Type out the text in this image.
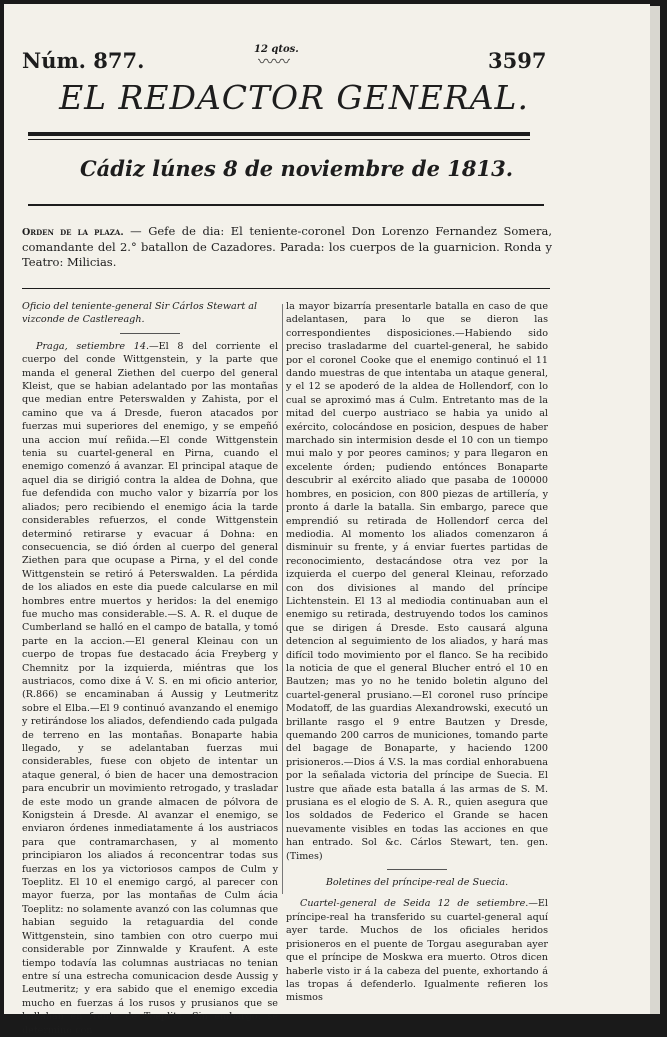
Núm. 877.	12 qtos.
〰〰	3597
EL REDACTOR GENERAL.
Cádiz lúnes 8 de noviembre de 1813.
Orden de la plaza. — Gefe de dia: El teniente-coronel Don Lorenzo Fernandez Somera, comandante del 2.° batallon de Cazadores. Parada: los cuerpos de la guarnicion. Ronda y Teatro: Milicias.

Oficio del teniente-general Sir Cárlos Stewart al vizconde de Castlereagh.

Praga, setiembre 14.—El 8 del corriente el cuerpo del conde Wittgenstein, y la parte que manda el general Ziethen del cuerpo del general Kleist, que se habian adelantado por las montañas que median entre Peterswalden y Zahista, por el camino que va á Dresde, fueron atacados por fuerzas mui superiores del enemigo, y se empeñó una accion muí reñida.—El conde Wittgenstein tenia su cuartel-general en Pirna, cuando el enemigo comenzó á avanzar. El principal ataque de aquel dia se dirigió contra la aldea de Dohna, que fue defendida con mucho valor y bizarría por los aliados; pero recibiendo el enemigo ácia la tarde considerables refuerzos, el conde Wittgenstein determinó retirarse y evacuar á Dohna: en consecuencia, se dió órden al cuerpo del general Ziethen para que ocupase a Pirna, y el del conde Wittgenstein se retiró á Peterswalden. La pérdida de los aliados en este dia puede calcularse en mil hombres entre muertos y heridos: la del enemigo fue mucho mas considerable.—S. A. R. el duque de Cumberland se halló en el campo de batalla, y tomó parte en la accion.—El general Kleinau con un cuerpo de tropas fue destacado ácia Freyberg y Chemnitz por la izquierda, miéntras que los austriacos, como dixe á V. S. en mi oficio anterior, (R.866) se encaminaban á Aussig y Leutmeritz sobre el Elba.—El 9 continuó avanzando el enemigo y retirándose los aliados, defendiendo cada pulgada de terreno en las montañas. Bonaparte habia llegado, y se adelantaban fuerzas mui considerables, fuese con objeto de intentar un ataque general, ó bien de hacer una demostracion para encubrir un movimiento retrogado, y trasladar de este modo un grande almacen de pólvora de Konigstein á Dresde. Al avanzar el enemigo, se enviaron órdenes inmediatamente á los austriacos para que contramarchasen, y al momento principiaron los aliados á reconcentrar todas sus fuerzas en los ya victoriosos campos de Culm y Toeplitz. El 10 el enemigo cargó, al parecer con mayor fuerza, por las montañas de Culm ácia Toeplitz: no solamente avanzó con las columnas que habian seguido la retaguardia del conde Wittgenstein, sino tambien con otro cuerpo mui considerable por Zinnwalde y Kraufent. A este tiempo todavía las columnas austriacas no tenian entre sí una estrecha comunicacion desde Aussig y Leutmeritz; y era sabido que el enemigo excedia mucho en fuerzas á los rusos y prusianos que se hallaban en frente de Toeplitz. Sin embargo, se determinó con

la mayor bizarría presentarle batalla en caso de que adelantasen, para lo que se dieron las correspondientes disposiciones.—Habiendo sido preciso trasladarme del cuartel-general, he sabido por el coronel Cooke que el enemigo continuó el 11 dando muestras de que intentaba un ataque general, y el 12 se apoderó de la aldea de Hollendorf, con lo cual se aproximó mas á Culm. Entretanto mas de la mitad del cuerpo austriaco se habia ya unido al exército, colocándose en posicion, despues de haber marchado sin intermision desde el 10 con un tiempo mui malo y por peores caminos; y para llegaron en excelente órden; pudiendo entónces Bonaparte descubrir al exército aliado que pasaba de 100000 hombres, en posicion, con 800 piezas de artillería, y pronto á darle la batalla. Sin embargo, parece que emprendió su retirada de Hollendorf cerca del mediodia. Al momento los aliados comenzaron á disminuir su frente, y á enviar fuertes partidas de reconocimiento, destacándose otra vez por la izquierda el cuerpo del general Kleinau, reforzado con dos divisiones al mando del príncipe Lichtenstein. El 13 al mediodia continuaban aun el enemigo su retirada, destruyendo todos los caminos que se dirigen á Dresde. Esto causará alguna detencion al seguimiento de los aliados, y hará mas difícil todo movimiento por el flanco. Se ha recibido la noticia de que el general Blucher entró el 10 en Bautzen; mas yo no he tenido boletin alguno del cuartel-general prusiano.—El coronel ruso príncipe Modatoff, de las guardias Alexandrowski, executó un brillante rasgo el 9 entre Bautzen y Dresde, quemando 200 carros de municiones, tomando parte del bagage de Bonaparte, y haciendo 1200 prisioneros.—Dios á V.S. la mas cordial enhorabuena por la señalada victoria del príncipe de Suecia. El lustre que añade esta batalla á las armas de S. M. prusiana es el elogio de S. A. R., quien asegura que los soldados de Federico el Grande se hacen nuevamente visibles en todas las acciones en que han entrado. Sol &c. Cárlos Stewart, ten. gen. (Times)

Boletines del príncipe-real de Suecia.

Cuartel-general de Seida 12 de setiembre.—El príncipe-real ha transferido su cuartel-general aquí ayer tarde. Muchos de los oficiales heridos prisioneros en el puente de Torgau aseguraban ayer que el príncipe de Moskwa era muerto. Otros dicen haberle visto ir á la cabeza del puente, exhortando á las tropas á defenderlo. Igualmente refieren los mismos
